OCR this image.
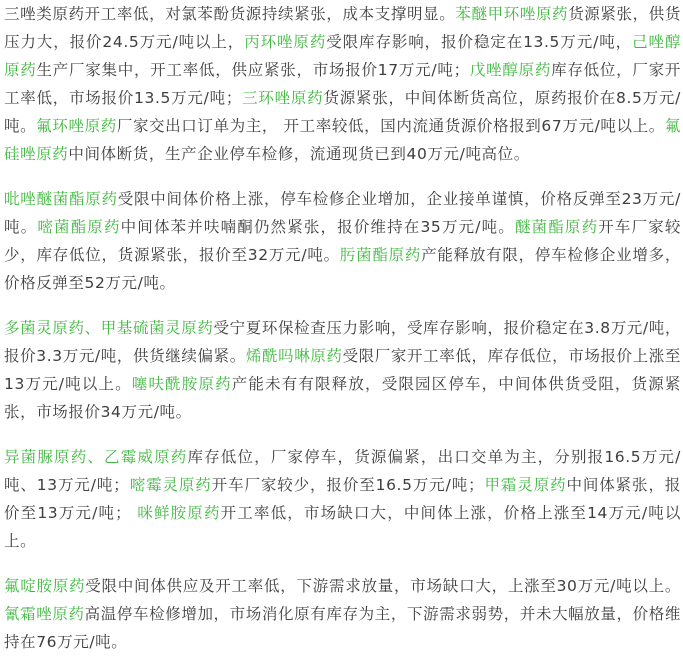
三唑类原药开工率低，对氯苯酚货源持续紧张，成本支撑明显。苯醚甲环唑原药货源紧张，供货压力大，报价24.5万元/吨以上，丙环唑原药受限库存影响，报价稳定在13.5万元/吨，己唑醇原药生产厂家集中，开工率低，供应紧张，市场报价17万元/吨；戊唑醇原药库存低位，厂家开工率低，市场报价13.5万元/吨；三环唑原药货源紧张，中间体断货高位，原药报价在8.5万元/吨。氟环唑原药厂家交出口订单为主， 开工率较低，国内流通货源价格报到67万元/吨以上。氟硅唑原药中间体断货，生产企业停车检修，流通现货已到40万元/吨高位。

吡唑醚菌酯原药受限中间体价格上涨，停车检修企业增加，企业接单谨慎，价格反弹至23万元/吨。嘧菌酯原药中间体苯并呋喃酮仍然紧张，报价维持在35万元/吨。醚菌酯原药开车厂家较少，库存低位，货源紧张，报价至32万元/吨。肟菌酯原药产能释放有限，停车检修企业增多，价格反弹至52万元/吨。

多菌灵原药、甲基硫菌灵原药受宁夏环保检查压力影响，受库存影响，报价稳定在3.8万元/吨，报价3.3万元/吨，供货继续偏紧。烯酰吗啉原药受限厂家开工率低，库存低位，市场报价上涨至13万元/吨以上。噻呋酰胺原药产能未有有限释放，受限园区停车，中间体供货受阻，货源紧张，市场报价34万元/吨。

异菌脲原药、乙霉威原药库存低位，厂家停车，货源偏紧，出口交单为主，分别报16.5万元/吨、13万元/吨；嘧霉灵原药开车厂家较少，报价至16.5万元/吨；甲霜灵原药中间体紧张，报价至13万元/吨； 咪鲜胺原药开工率低，市场缺口大，中间体上涨，价格上涨至14万元/吨以上。

氟啶胺原药受限中间体供应及开工率低，下游需求放量，市场缺口大，上涨至30万元/吨以上。氰霜唑原药高温停车检修增加，市场消化原有库存为主，下游需求弱势，并未大幅放量，价格维持在76万元/吨。
